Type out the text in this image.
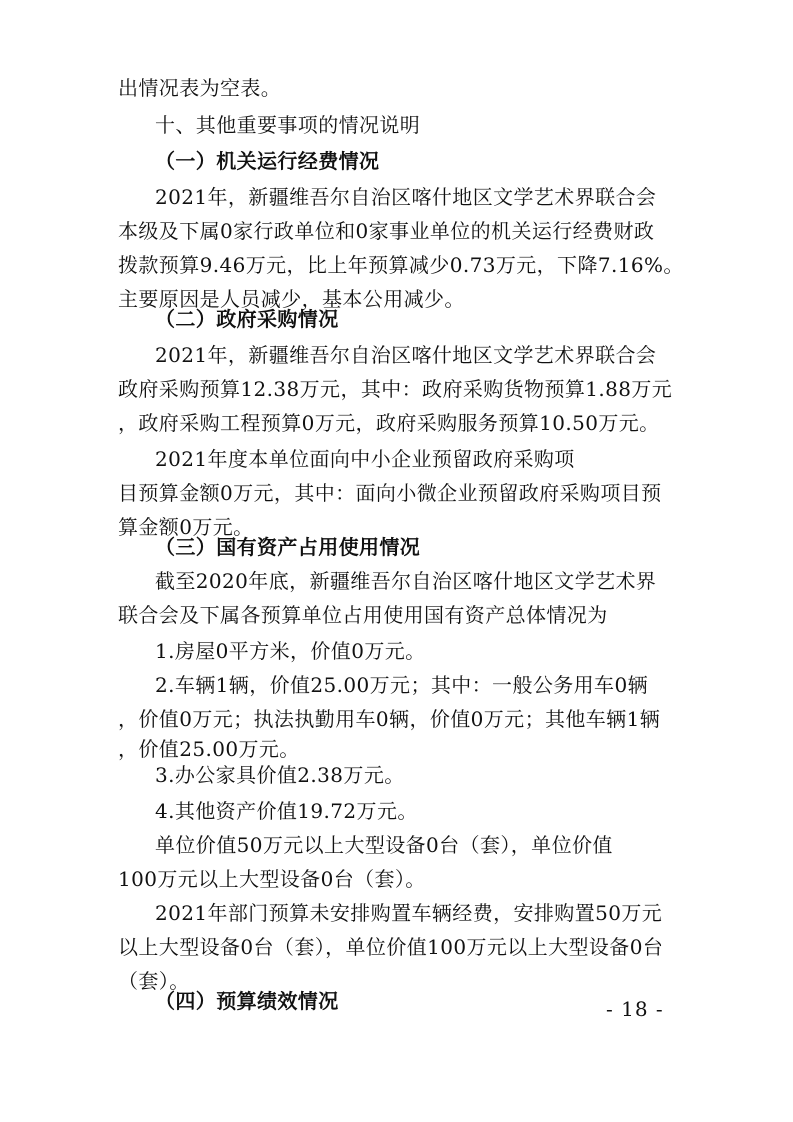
出情况表为空表。
十、其他重要事项的情况说明
（一）机关运行经费情况
2021年，新疆维吾尔自治区喀什地区文学艺术界联合会
本级及下属0家行政单位和0家事业单位的机关运行经费财政
拨款预算9.46万元，比上年预算减少0.73万元，下降7.16%。
主要原因是人员减少，基本公用减少。
（二）政府采购情况
2021年，新疆维吾尔自治区喀什地区文学艺术界联合会
政府采购预算12.38万元，其中：政府采购货物预算1.88万元
，政府采购工程预算0万元，政府采购服务预算10.50万元。
2021年度本单位面向中小企业预留政府采购项
目预算金额0万元，其中：面向小微企业预留政府采购项目预
算金额0万元。
（三）国有资产占用使用情况
截至2020年底，新疆维吾尔自治区喀什地区文学艺术界
联合会及下属各预算单位占用使用国有资产总体情况为
1.房屋0平方米，价值0万元。
2.车辆1辆，价值25.00万元；其中：一般公务用车0辆
，价值0万元；执法执勤用车0辆，价值0万元；其他车辆1辆
，价值25.00万元。
3.办公家具价值2.38万元。
4.其他资产价值19.72万元。
单位价值50万元以上大型设备0台（套），单位价值
100万元以上大型设备0台（套）。
2021年部门预算未安排购置车辆经费，安排购置50万元
以上大型设备0台（套），单位价值100万元以上大型设备0台
（套）。
（四）预算绩效情况	- 18 -
